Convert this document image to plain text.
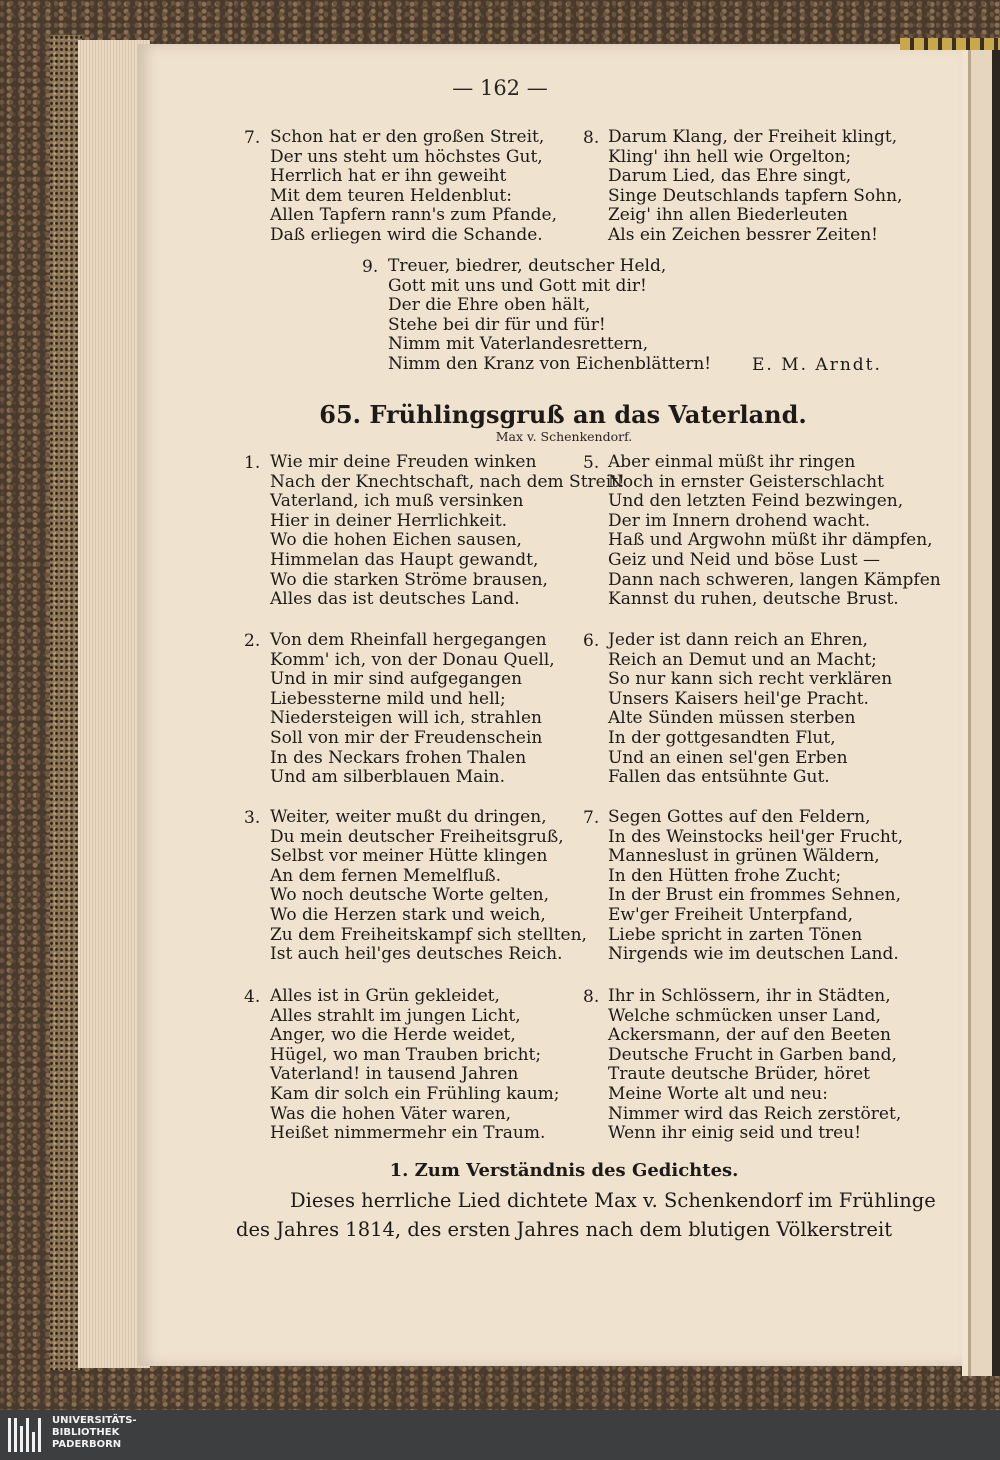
— 162 —
7. Schon hat er den großen Streit,
Der uns steht um höchstes Gut,
Herrlich hat er ihn geweiht
Mit dem teuren Heldenblut:
Allen Tapfern rann's zum Pfande,
Daß erliegen wird die Schande.
8. Darum Klang, der Freiheit klingt,
Kling' ihn hell wie Orgelton;
Darum Lied, das Ehre singt,
Singe Deutschlands tapfern Sohn,
Zeig' ihn allen Biederleuten
Als ein Zeichen bessrer Zeiten!
9. Treuer, biedrer, deutscher Held,
Gott mit uns und Gott mit dir!
Der die Ehre oben hält,
Stehe bei dir für und für!
Nimm mit Vaterlandesrettern,
Nimm den Kranz von Eichenblättern! E. M. Arndt.
65. Frühlingsgruß an das Vaterland.
Max v. Schenkendorf.
1. Wie mir deine Freuden winken
Nach der Knechtschaft, nach dem Streit!
Vaterland, ich muß versinken
Hier in deiner Herrlichkeit.
Wo die hohen Eichen sausen,
Himmelan das Haupt gewandt,
Wo die starken Ströme brausen,
Alles das ist deutsches Land.
5. Aber einmal müßt ihr ringen
Noch in ernster Geisterschlacht
Und den letzten Feind bezwingen,
Der im Innern drohend wacht.
Haß und Argwohn müßt ihr dämpfen,
Geiz und Neid und böse Lust —
Dann nach schweren, langen Kämpfen
Kannst du ruhen, deutsche Brust.
2. Von dem Rheinfall hergegangen
Komm' ich, von der Donau Quell,
Und in mir sind aufgegangen
Liebessterne mild und hell;
Niedersteigen will ich, strahlen
Soll von mir der Freudenschein
In des Neckars frohen Thalen
Und am silberblauen Main.
6. Jeder ist dann reich an Ehren,
Reich an Demut und an Macht;
So nur kann sich recht verklären
Unsers Kaisers heil'ge Pracht.
Alte Sünden müssen sterben
In der gottgesandten Flut,
Und an einen sel'gen Erben
Fallen das entsühnte Gut.
3. Weiter, weiter mußt du dringen,
Du mein deutscher Freiheitsgruß,
Selbst vor meiner Hütte klingen
An dem fernen Memelfluß.
Wo noch deutsche Worte gelten,
Wo die Herzen stark und weich,
Zu dem Freiheitskampf sich stellten,
Ist auch heil'ges deutsches Reich.
7. Segen Gottes auf den Feldern,
In des Weinstocks heil'ger Frucht,
Manneslust in grünen Wäldern,
In den Hütten frohe Zucht;
In der Brust ein frommes Sehnen,
Ew'ger Freiheit Unterpfand,
Liebe spricht in zarten Tönen
Nirgends wie im deutschen Land.
4. Alles ist in Grün gekleidet,
Alles strahlt im jungen Licht,
Anger, wo die Herde weidet,
Hügel, wo man Trauben bricht;
Vaterland! in tausend Jahren
Kam dir solch ein Frühling kaum;
Was die hohen Väter waren,
Heißet nimmermehr ein Traum.
8. Ihr in Schlössern, ihr in Städten,
Welche schmücken unser Land,
Ackersmann, der auf den Beeten
Deutsche Frucht in Garben band,
Traute deutsche Brüder, höret
Meine Worte alt und neu:
Nimmer wird das Reich zerstöret,
Wenn ihr einig seid und treu!
1. Zum Verständnis des Gedichtes.
Dieses herrliche Lied dichtete Max v. Schenkendorf im Frühlinge
des Jahres 1814, des ersten Jahres nach dem blutigen Völkerstreit
UNIVERSITÄTS-
BIBLIOTHEK
PADERBORN
